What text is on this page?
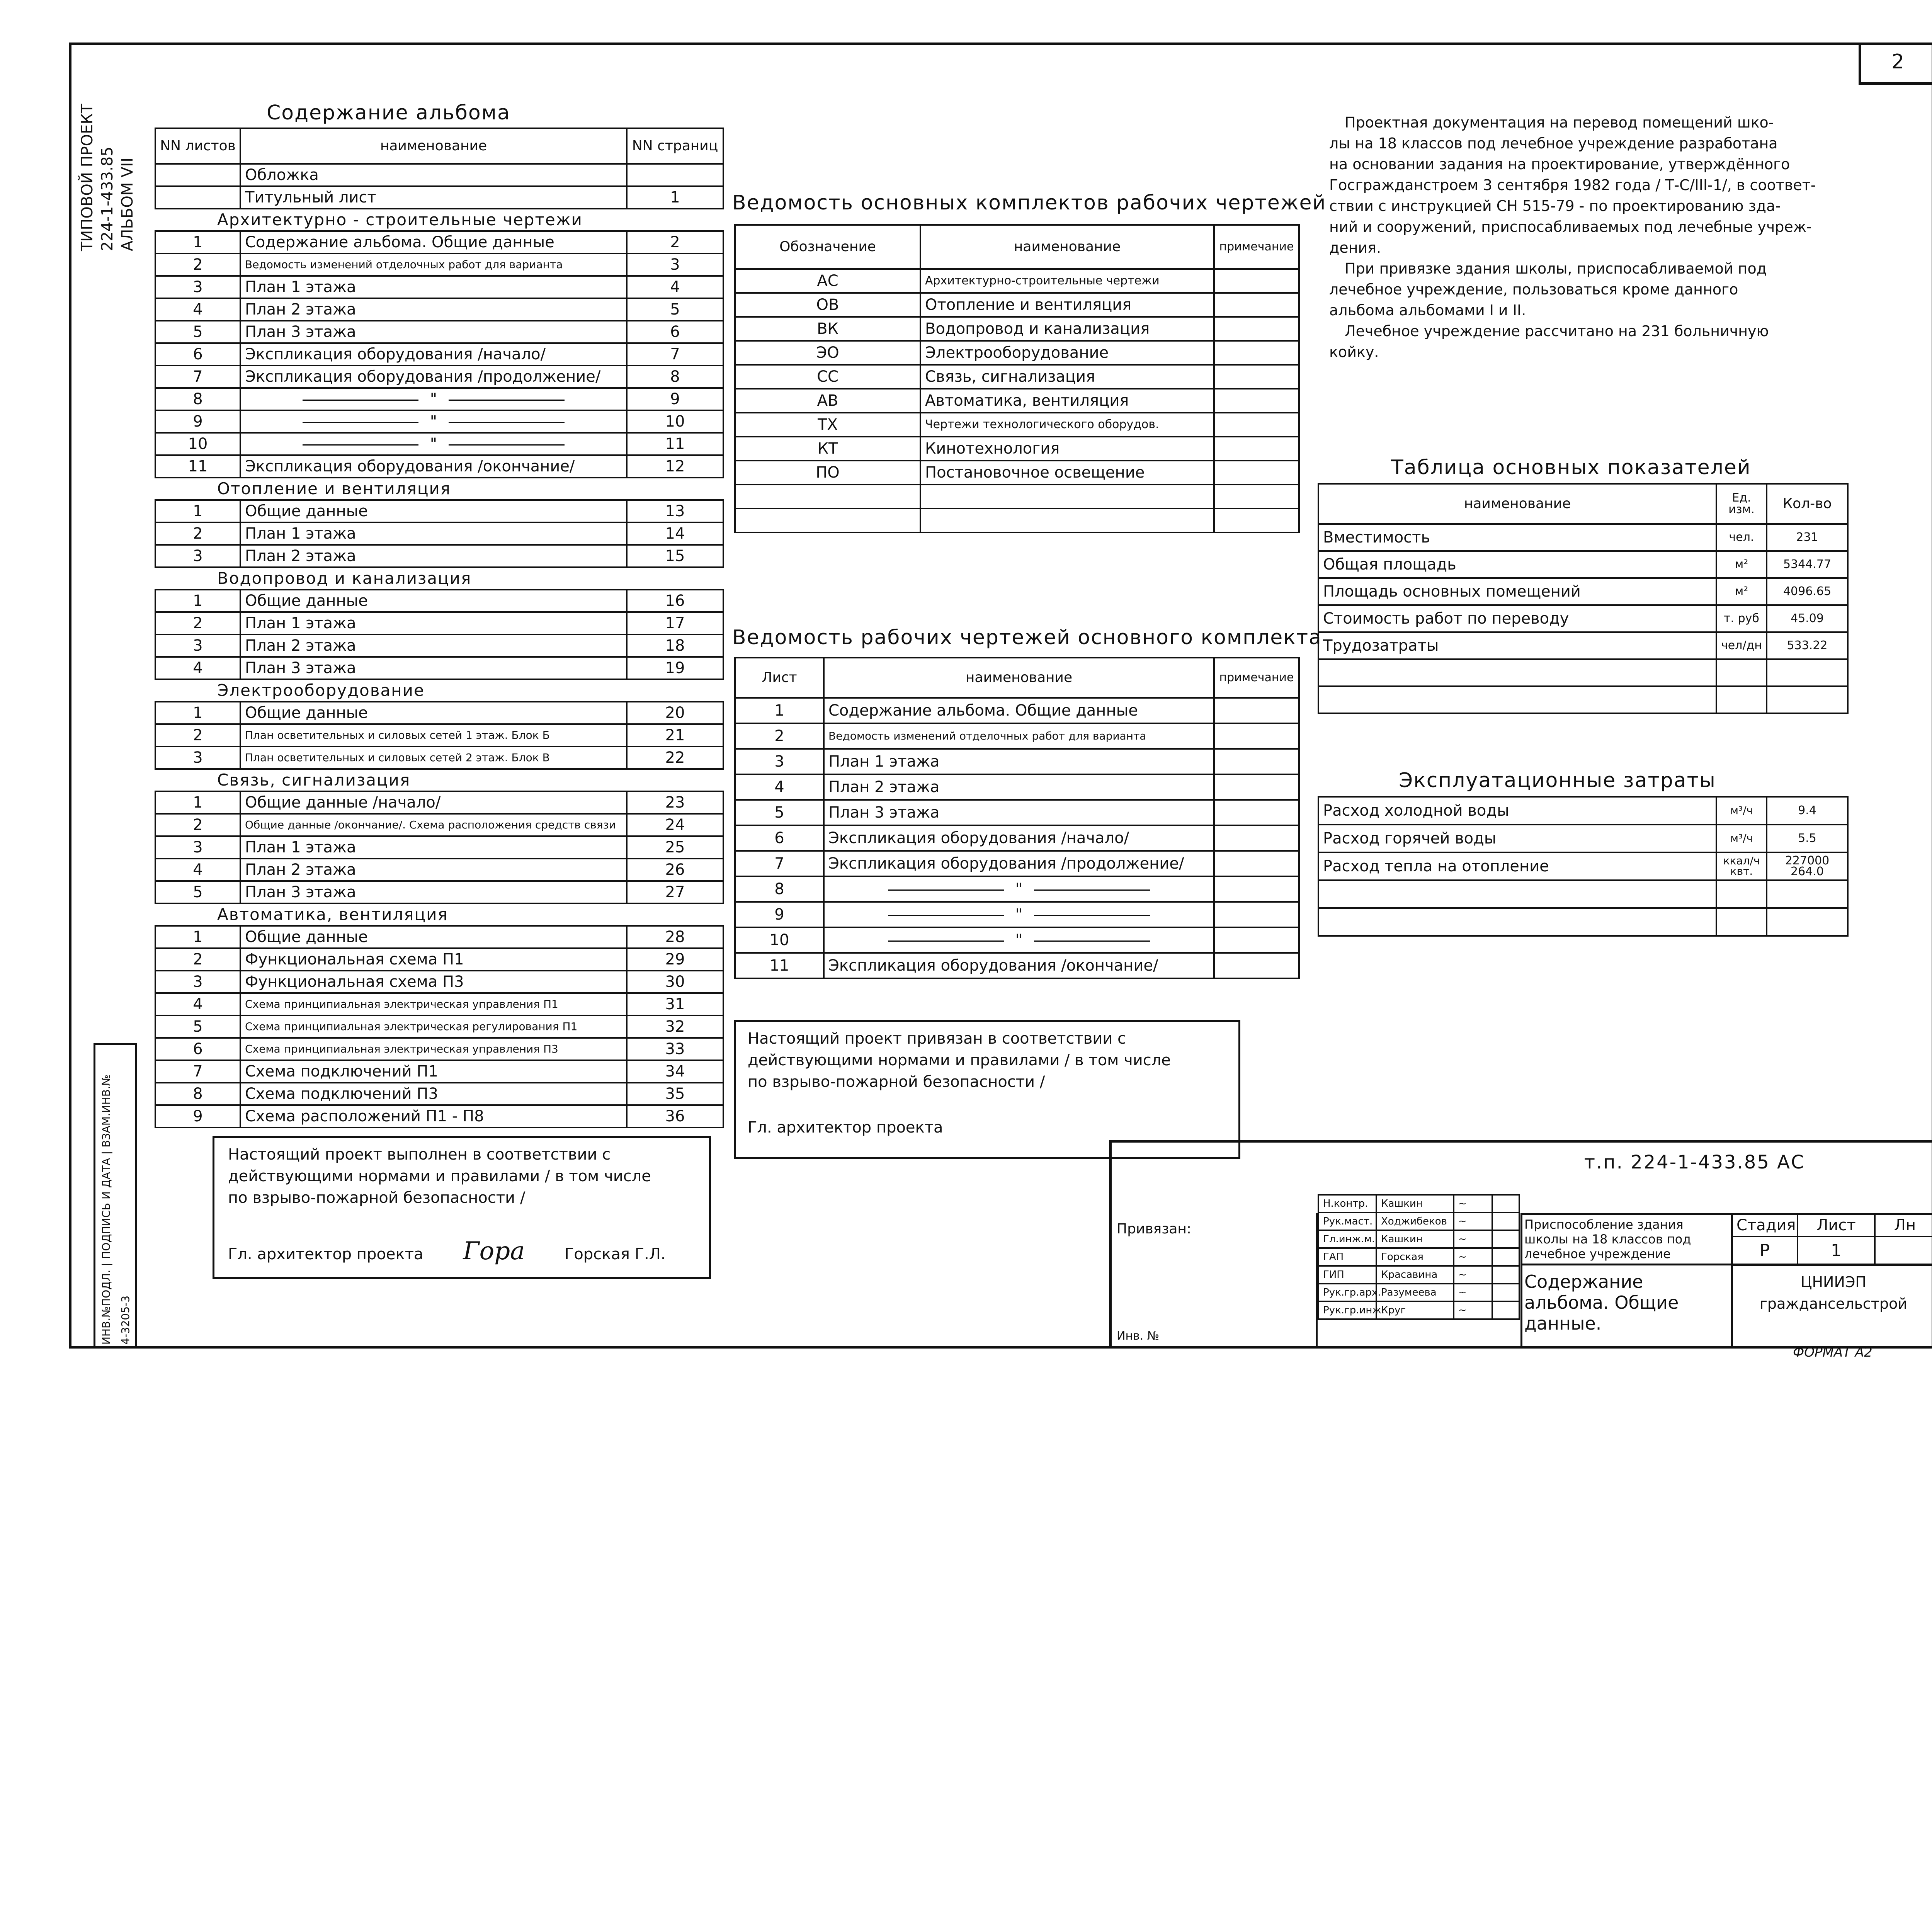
2
ФОРМАТ А2
ТИПОВОЙ ПРОЕКТ 224-1-433.85 АЛЬБОМ VII
ИНВ.№ПОДЛ. | ПОДПИСЬ И ДАТА | ВЗАМ.ИНВ.№
4-3205-3
Содержание альбома
NN листов	наименование	NN страниц
	Обложка	
	Титульный лист	1
Архитектурно - строительные чертежи		
1	Содержание альбома. Общие данные	2
2	Ведомость изменений отделочных работ для варианта	3
3	План 1 этажа	4
4	План 2 этажа	5
5	План 3 этажа	6
6	Экспликация оборудования /начало/	7
7	Экспликация оборудования /продолжение/	8
8	"	9
9	"	10
10	"	11
11	Экспликация оборудования /окончание/	12
Отопление и вентиляция		
1	Общие данные	13
2	План 1 этажа	14
3	План 2 этажа	15
Водопровод и канализация		
1	Общие данные	16
2	План 1 этажа	17
3	План 2 этажа	18
4	План 3 этажа	19
Электрооборудование		
1	Общие данные	20
2	План осветительных и силовых сетей 1 этаж. Блок Б	21
3	План осветительных и силовых сетей 2 этаж. Блок В	22
Связь, сигнализация		
1	Общие данные /начало/	23
2	Общие данные /окончание/. Схема расположения средств связи	24
3	План 1 этажа	25
4	План 2 этажа	26
5	План 3 этажа	27
Автоматика, вентиляция		
1	Общие данные	28
2	Функциональная схема П1	29
3	Функциональная схема П3	30
4	Схема принципиальная электрическая управления П1	31
5	Схема принципиальная электрическая регулирования П1	32
6	Схема принципиальная электрическая управления П3	33
7	Схема подключений П1	34
8	Схема подключений П3	35
9	Схема расположений П1 - П8	36
Настоящий проект выполнен в соответствии с
действующими нормами и правилами / в том числе
по взрыво-пожарной безопасности /
Гл. архитектор проекта Гора	Горская Г.Л.
Ведомость основных комплектов рабочих чертежей
Обозначение	наименование	примечание
АС	Архитектурно-строительные чертежи	
ОВ	Отопление и вентиляция	
ВК	Водопровод и канализация	
ЭО	Электрооборудование	
СС	Связь, сигнализация	
АВ	Автоматика, вентиляция	
ТХ	Чертежи технологического оборудов.	
КТ	Кинотехнология	
ПО	Постановочное освещение	

Ведомость рабочих чертежей основного комплекта
Лист	наименование	примечание
1	Содержание альбома. Общие данные	
2	Ведомость изменений отделочных работ для варианта	
3	План 1 этажа	
4	План 2 этажа	
5	План 3 этажа	
6	Экспликация оборудования /начало/	
7	Экспликация оборудования /продолжение/	
8	"	
9	"	
10	"	
11	Экспликация оборудования /окончание/	
Настоящий проект привязан в соответствии с
действующими нормами и правилами / в том числе
по взрыво-пожарной безопасности /
Гл. архитектор проекта
Проектная документация на перевод помещений шко-
лы на 18 классов под лечебное учреждение разработана
на основании задания на проектирование, утверждённого
Госгражданстроем 3 сентября 1982 года / Т-С/III-1/, в соответ-
ствии с инструкцией СН 515-79 - по проектированию зда-
ний и сооружений, приспосабливаемых под лечебные учреж-
дения.
При привязке здания школы, приспосабливаемой под
лечебное учреждение, пользоваться кроме данного
альбома альбомами I и II.
Лечебное учреждение рассчитано на 231 больничную
койку.
Таблица основных показателей
наименование	Ед. изм.	Кол-во
Вместимость	чел.	231
Общая площадь	м²	5344.77
Площадь основных помещений	м²	4096.65
Стоимость работ по переводу	т. руб	45.09
Трудозатраты	чел/дн	533.22

Эксплуатационные затраты
Расход холодной воды	м³/ч	9.4
Расход горячей воды	м³/ч	5.5
Расход тепла на отопление	ккал/ч квт.	227000 264.0

т.п. 224-1-433.85 АС
Привязан:
Инв. №
Н.контр.	Кашкин	~	
Рук.маст.	Ходжибеков	~	
Гл.инж.м.	Кашкин	~	
ГАП	Горская	~	
ГИП	Красавина	~	
Рук.гр.арх.	Разумеева	~	
Рук.гр.инж.	Круг	~	
Приспособление здания школы на 18 классов под лечебное учреждение
Содержание альбома. Общие данные.
Стадия	Лист	Лн
Р	1	
ЦНИИЭП граждансельстрой
